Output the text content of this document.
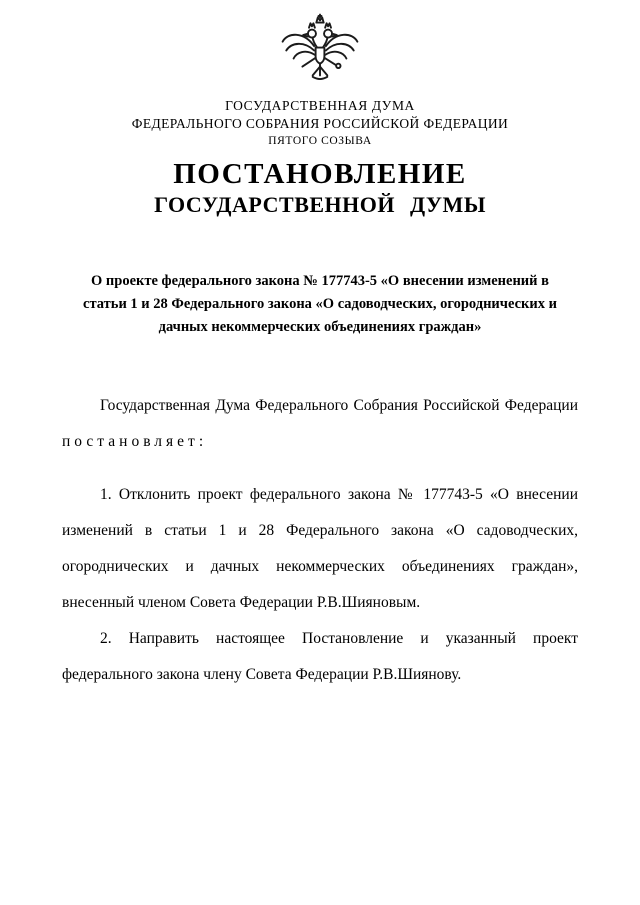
ГОСУДАРСТВЕННАЯ ДУМА
ФЕДЕРАЛЬНОГО СОБРАНИЯ РОССИЙСКОЙ ФЕДЕРАЦИИ
ПЯТОГО СОЗЫВА
ПОСТАНОВЛЕНИЕ
ГОСУДАРСТВЕННОЙ ДУМЫ
О проекте федерального закона № 177743-5 «О внесении изменений в статьи 1 и 28 Федерального закона «О садоводческих, огороднических и дачных некоммерческих объединениях граждан»

Государственная Дума Федерального Собрания Российской Федерации постановляет:

1. Отклонить проект федерального закона № 177743-5 «О внесении изменений в статьи 1 и 28 Федерального закона «О садоводческих, огороднических и дачных некоммерческих объединениях граждан», внесенный членом Совета Федерации Р.В.Шияновым.

2. Направить настоящее Постановление и указанный проект федерального закона члену Совета Федерации Р.В.Шиянову.
